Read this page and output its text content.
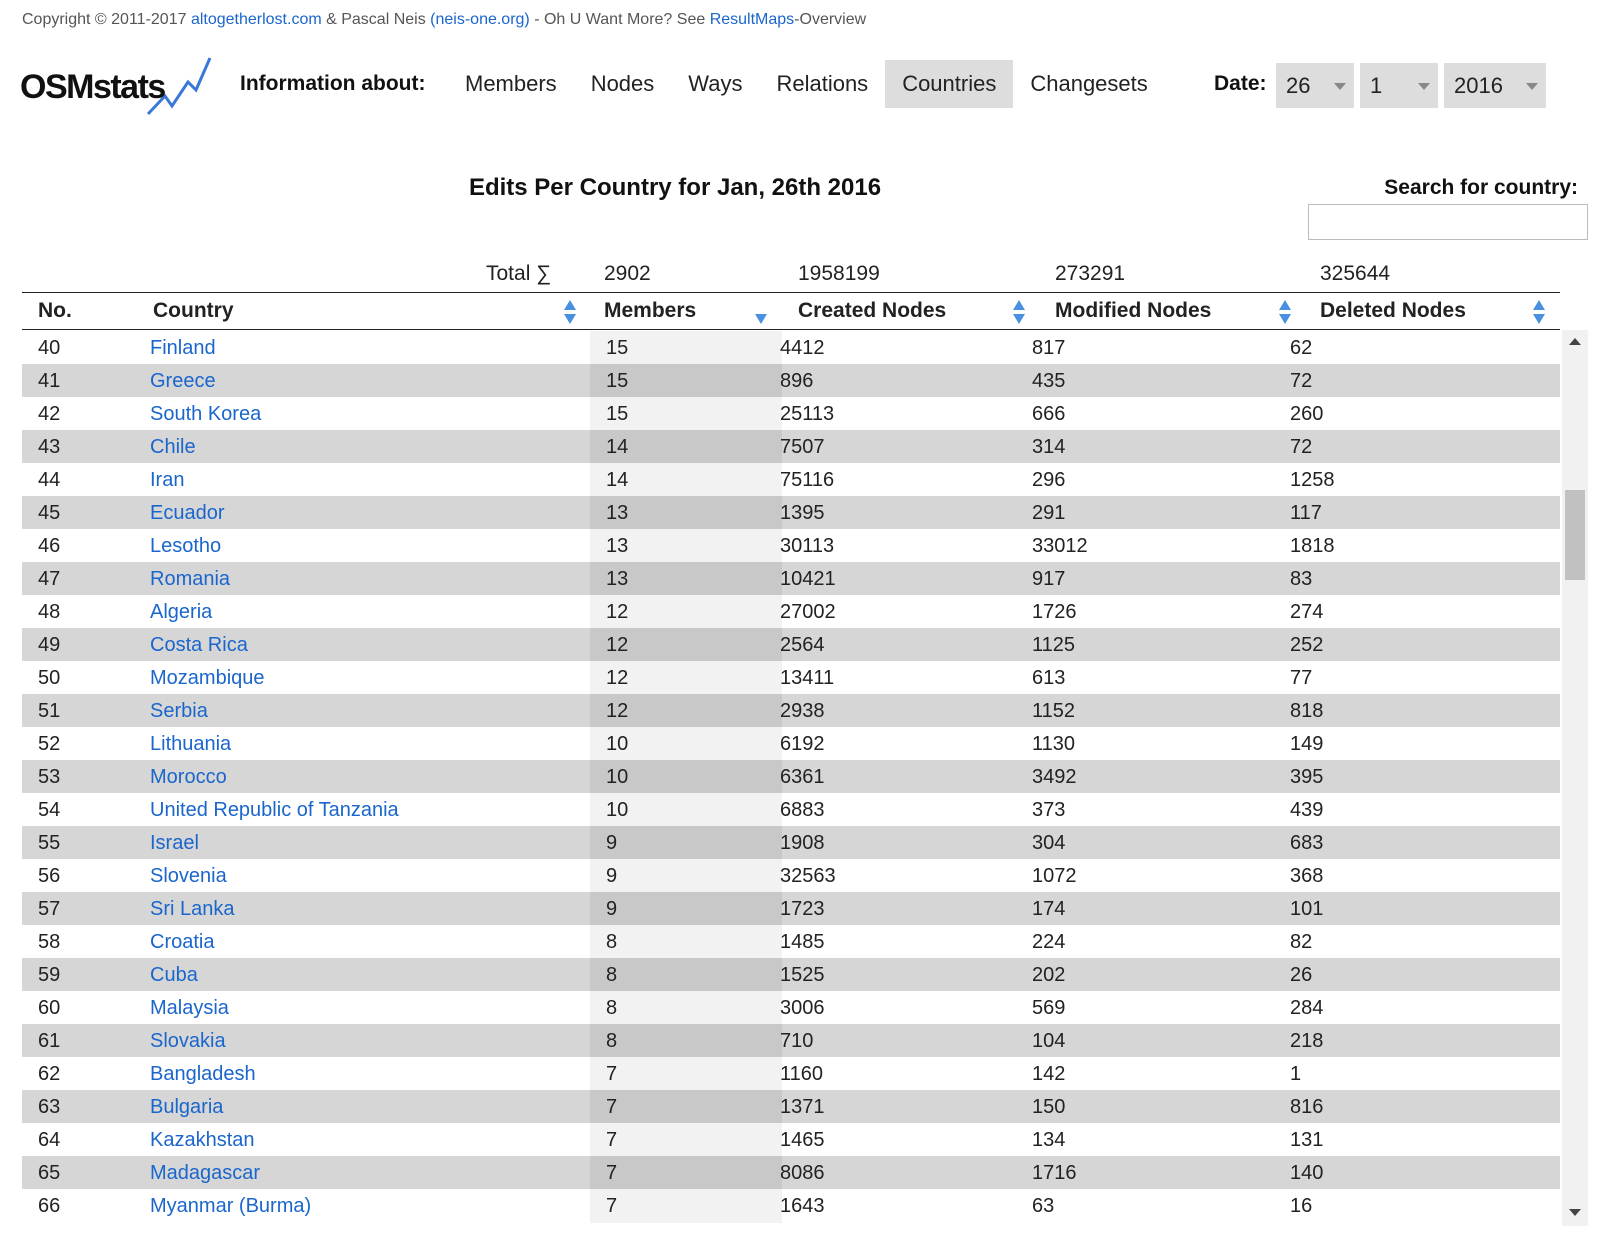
Copyright © 2011-2017 altogetherlost.com & Pascal Neis (neis-one.org) - Oh U Want More? See ResultMaps-Overview
OSMstats	Information about:	Members	Nodes	Ways	Relations	Countries	Changesets	Date: 26	1	2016
Edits Per Country for Jan, 26th 2016	Search for country:
Total ∑	2902	1958199	273291	325644
No.	Country	Members	Created Nodes	Modified Nodes	Deleted Nodes
40	Finland	15	4412	817	62
41	Greece	15	896	435	72
42	South Korea	15	25113	666	260
43	Chile	14	7507	314	72
44	Iran	14	75116	296	1258
45	Ecuador	13	1395	291	117
46	Lesotho	13	30113	33012	1818
47	Romania	13	10421	917	83
48	Algeria	12	27002	1726	274
49	Costa Rica	12	2564	1125	252
50	Mozambique	12	13411	613	77
51	Serbia	12	2938	1152	818
52	Lithuania	10	6192	1130	149
53	Morocco	10	6361	3492	395
54	United Republic of Tanzania	10	6883	373	439
55	Israel	9	1908	304	683
56	Slovenia	9	32563	1072	368
57	Sri Lanka	9	1723	174	101
58	Croatia	8	1485	224	82
59	Cuba	8	1525	202	26
60	Malaysia	8	3006	569	284
61	Slovakia	8	710	104	218
62	Bangladesh	7	1160	142	1
63	Bulgaria	7	1371	150	816
64	Kazakhstan	7	1465	134	131
65	Madagascar	7	8086	1716	140
66	Myanmar (Burma)	7	1643	63	16
